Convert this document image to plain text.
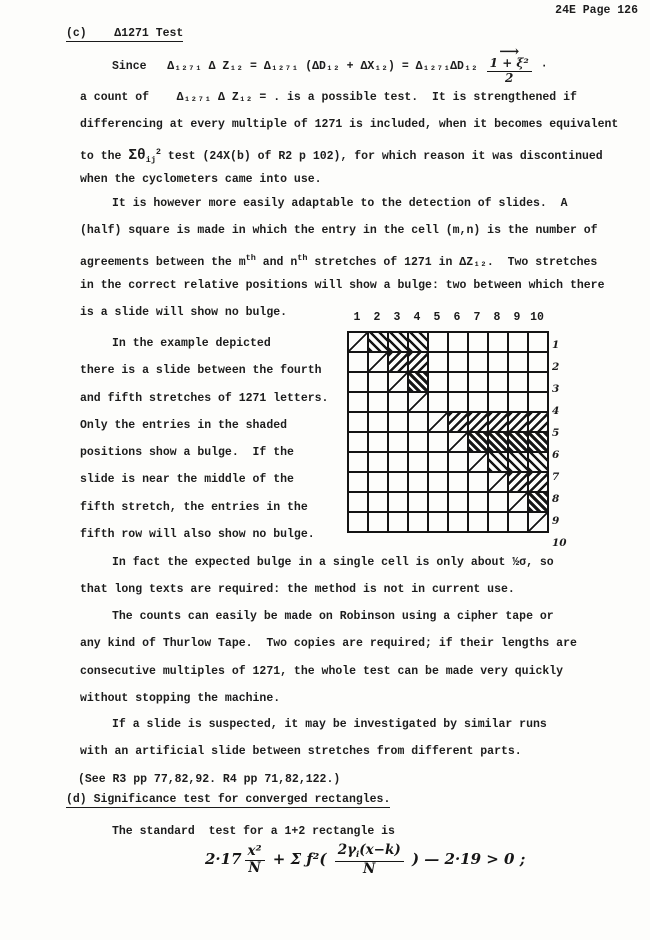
24E Page 126
(c)    Δ1271 Test
Since   Δ₁₂₇₁ Δ Z₁₂ = Δ₁₂₇₁ (ΔD₁₂ + ΔX₁₂) = Δ₁₂₇₁ΔD₁₂
⟶
1 + ξ²
2
·
a count of    Δ₁₂₇₁ Δ Z₁₂ = . is a possible test.  It is strengthened if
differencing at every multiple of 1271 is included, when it becomes equivalent
to the $\Sigma\theta_{ij}^2$ test (24X(b) of R2 p 102), for which reason it was discontinued
when the cyclometers came into use.
It is however more easily adaptable to the detection of slides.  A
(half) square is made in which the entry in the cell (m,n) is the number of
agreements between the $m^{th}$ and $n^{th}$ stretches of 1271 in ΔZ₁₂.  Two stretches
in the correct relative positions will show a bulge: two between which there
is a slide will show no bulge.
In the example depicted
there is a slide between the fourth
and fifth stretches of 1271 letters.
Only the entries in the shaded
positions show a bulge.  If the
slide is near the middle of the
fifth stretch, the entries in the
fifth row will also show no bulge.
1	2	3	4	5	6	7	8	9 10
1
2
3
4
5
6
7
8
9
10
In fact the expected bulge in a single cell is only about ½σ, so
that long texts are required: the method is not in current use.
The counts can easily be made on Robinson using a cipher tape or
any kind of Thurlow Tape.  Two copies are required; if their lengths are
consecutive multiples of 1271, the whole test can be made very quickly
without stopping the machine.
If a slide is suspected, it may be investigated by similar runs
with an artificial slide between stretches from different parts.
(See R3 pp 77,82,92. R4 pp 71,82,122.)
(d) Significance test for converged rectangles.
The standard  test for a 1+2 rectangle is
$2\cdot 17 \frac{\text{x²}}{N} + \Sigma$ ƒ²( $\frac{2\gamma_i(x-k)}{N}$ ) — 2·19 > 0 ;
